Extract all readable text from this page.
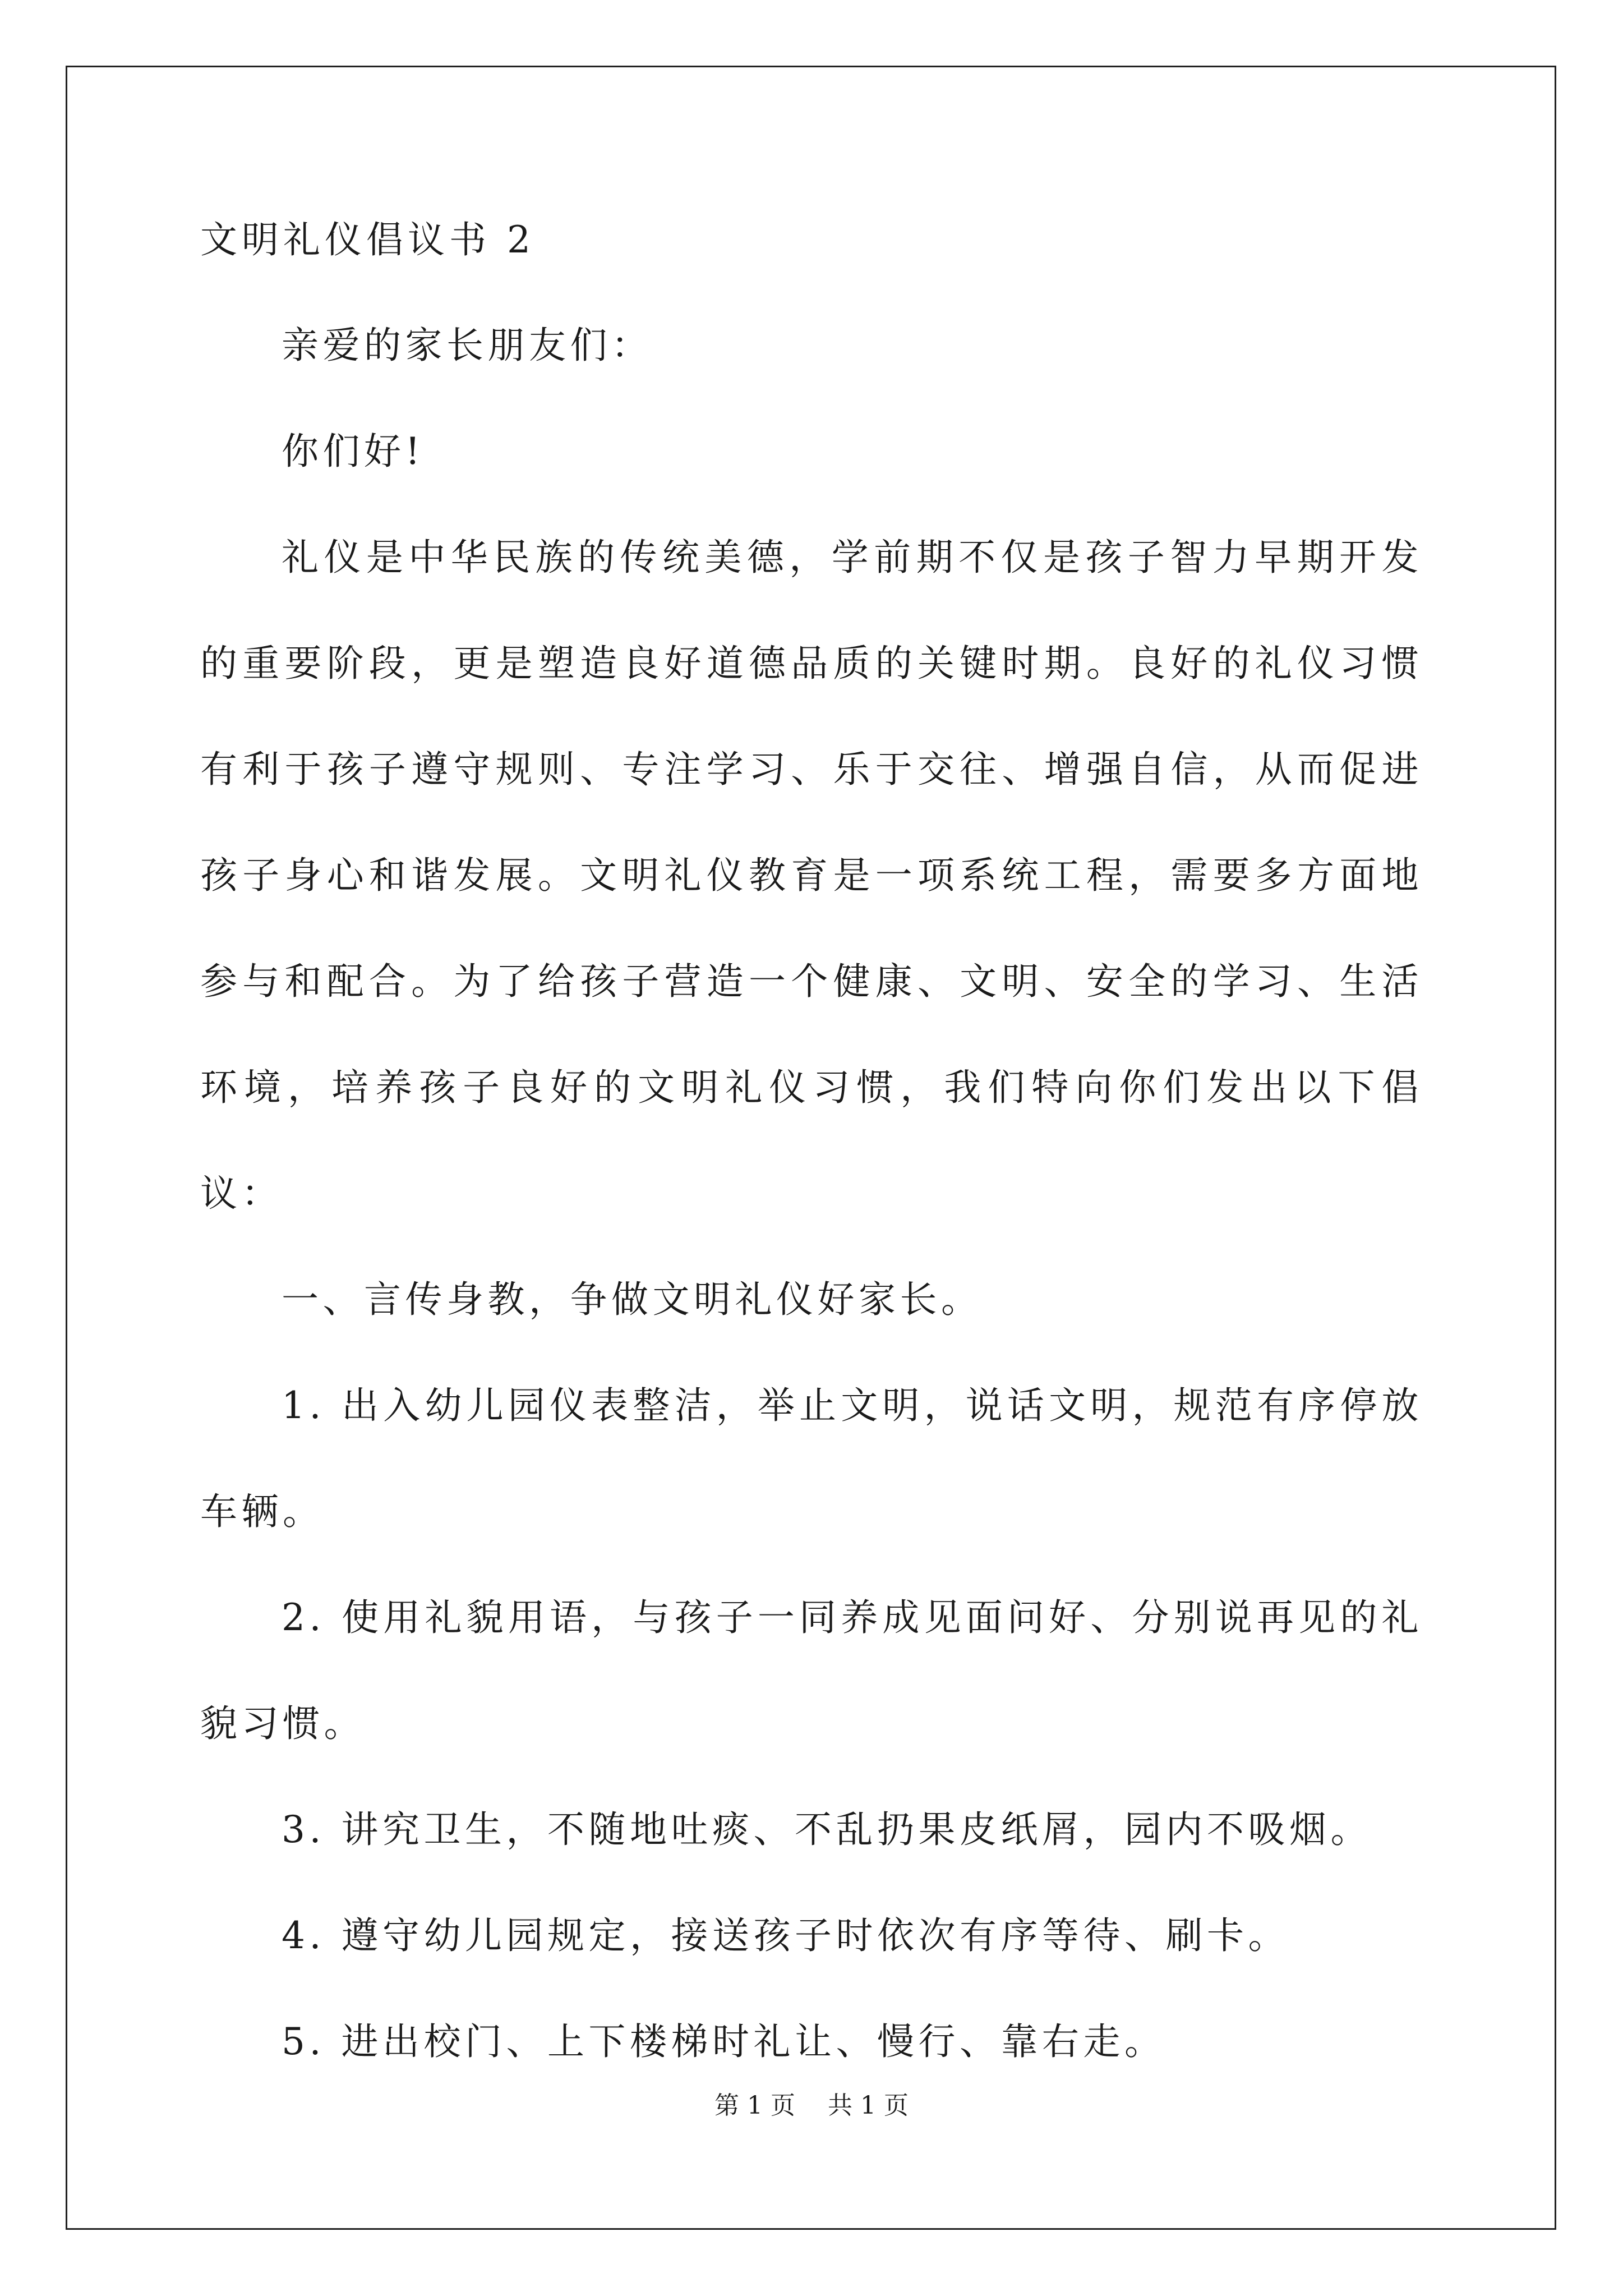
文明礼仪倡议书 2

亲爱的家长朋友们：

你们好!

礼仪是中华民族的传统美德，学前期不仅是孩子智力早期开发的重要阶段，更是塑造良好道德品质的关键时期。良好的礼仪习惯有利于孩子遵守规则、专注学习、乐于交往、增强自信，从而促进孩子身心和谐发展。文明礼仪教育是一项系统工程，需要多方面地参与和配合。为了给孩子营造一个健康、文明、安全的学习、生活环境，培养孩子良好的文明礼仪习惯，我们特向你们发出以下倡议：

一、言传身教，争做文明礼仪好家长。

1. 出入幼儿园仪表整洁，举止文明，说话文明，规范有序停放车辆。

2. 使用礼貌用语，与孩子一同养成见面问好、分别说再见的礼貌习惯。

3. 讲究卫生，不随地吐痰、不乱扔果皮纸屑，园内不吸烟。

4. 遵守幼儿园规定，接送孩子时依次有序等待、刷卡。

5. 进出校门、上下楼梯时礼让、慢行、靠右走。

第 1 页　 共 1 页
